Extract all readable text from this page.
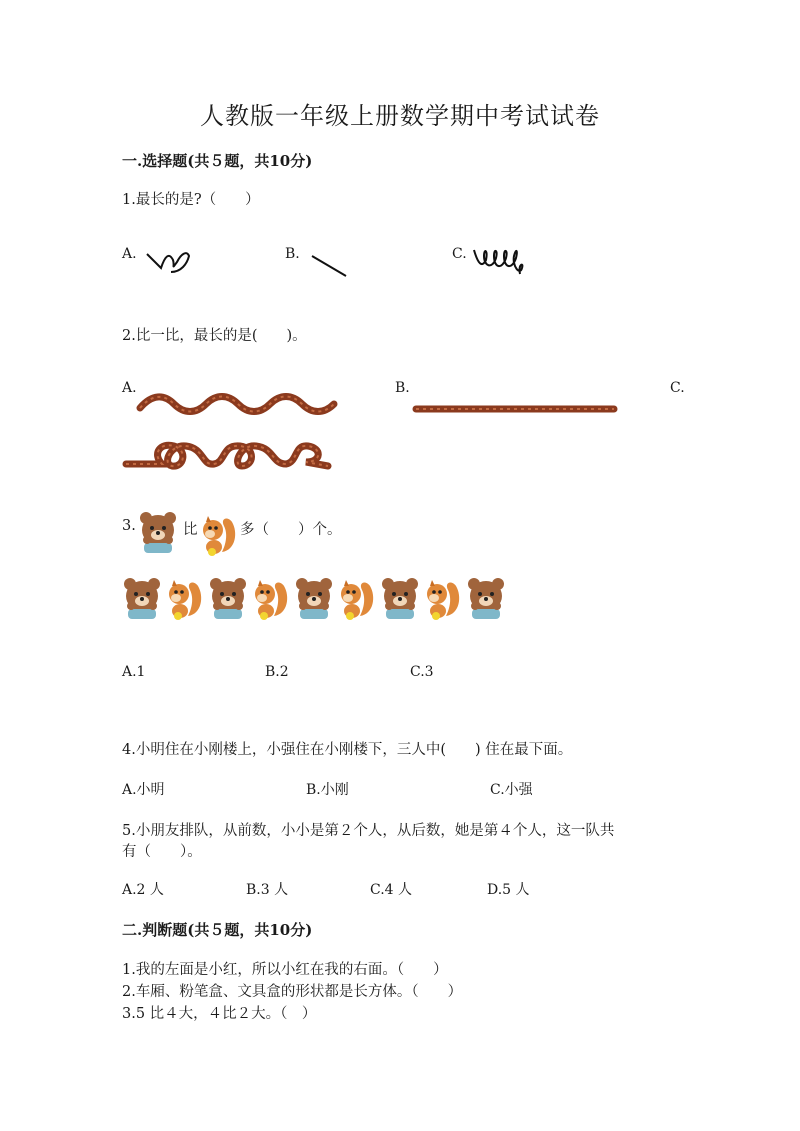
人教版一年级上册数学期中考试试卷
一.选择题(共５题，共10分)
1.最长的是?（　　）
A.	B.	C.
2.比一比，最长的是(　　)。
A.	B.	C.
3.	比	多（　　）个。
A.1	B.2	C.3
4.小明住在小刚楼上，小强住在小刚楼下，三人中(　　) 住在最下面。
A.小明	B.小刚	C.小强
5.小朋友排队，从前数，小小是第２个人，从后数，她是第４个人，这一队共
有（　　）。
A.2 人	B.3 人	C.4 人	D.5 人
二.判断题(共５题，共10分)
1.我的左面是小红，所以小红在我的右面。（　　）
2.车厢、粉笔盒、文具盒的形状都是长方体。（　　）
3.5 比４大，４比２大。（　）
